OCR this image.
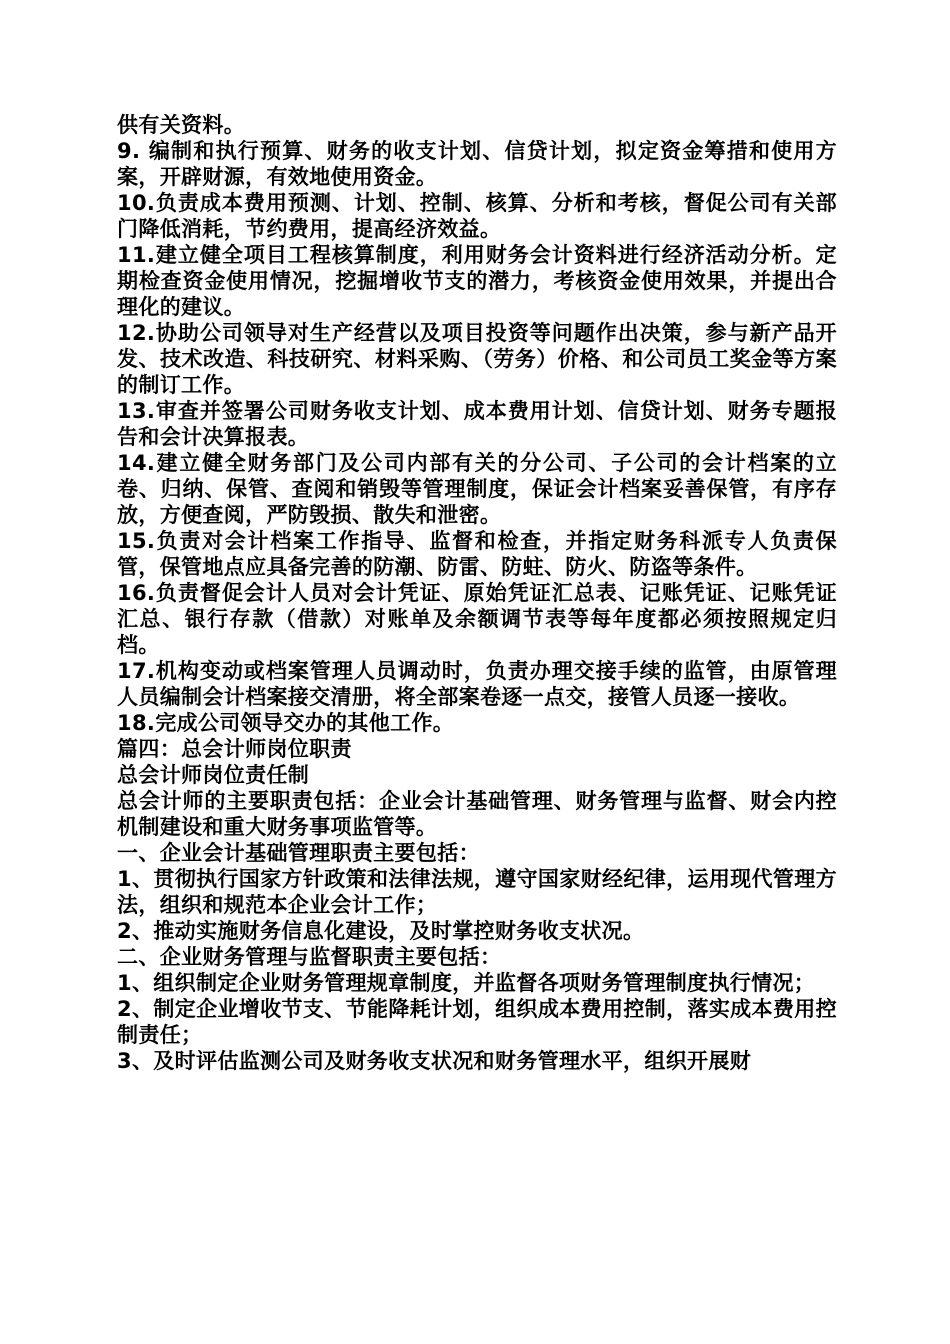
供有关资料。

9. 编制和执行预算、财务的收支计划、信贷计划，拟定资金筹措和使用方案，开辟财源，有效地使用资金。

10.负责成本费用预测、计划、控制、核算、分析和考核，督促公司有关部门降低消耗，节约费用，提高经济效益。

11.建立健全项目工程核算制度，利用财务会计资料进行经济活动分析。定期检查资金使用情况，挖掘增收节支的潜力，考核资金使用效果，并提出合理化的建议。

12.协助公司领导对生产经营以及项目投资等问题作出决策，参与新产品开发、技术改造、科技研究、材料采购、（劳务）价格、和公司员工奖金等方案的制订工作。

13.审查并签署公司财务收支计划、成本费用计划、信贷计划、财务专题报告和会计决算报表。

14.建立健全财务部门及公司内部有关的分公司、子公司的会计档案的立卷、归纳、保管、查阅和销毁等管理制度，保证会计档案妥善保管，有序存放，方便查阅，严防毁损、散失和泄密。

15.负责对会计档案工作指导、监督和检查，并指定财务科派专人负责保管，保管地点应具备完善的防潮、防雷、防蛀、防火、防盗等条件。

16.负责督促会计人员对会计凭证、原始凭证汇总表、记账凭证、记账凭证汇总、银行存款（借款）对账单及余额调节表等每年度都必须按照规定归档。

17.机构变动或档案管理人员调动时，负责办理交接手续的监管，由原管理人员编制会计档案接交清册，将全部案卷逐一点交，接管人员逐一接收。

18.完成公司领导交办的其他工作。

篇四：总会计师岗位职责

总会计师岗位责任制

总会计师的主要职责包括：企业会计基础管理、财务管理与监督、财会内控机制建设和重大财务事项监管等。

一、企业会计基础管理职责主要包括：

1、贯彻执行国家方针政策和法律法规，遵守国家财经纪律，运用现代管理方法，组织和规范本企业会计工作；

2、推动实施财务信息化建设，及时掌控财务收支状况。

二、企业财务管理与监督职责主要包括：

1、组织制定企业财务管理规章制度，并监督各项财务管理制度执行情况；

2、制定企业增收节支、节能降耗计划，组织成本费用控制，落实成本费用控制责任；

3、及时评估监测公司及财务收支状况和财务管理水平，组织开展财
